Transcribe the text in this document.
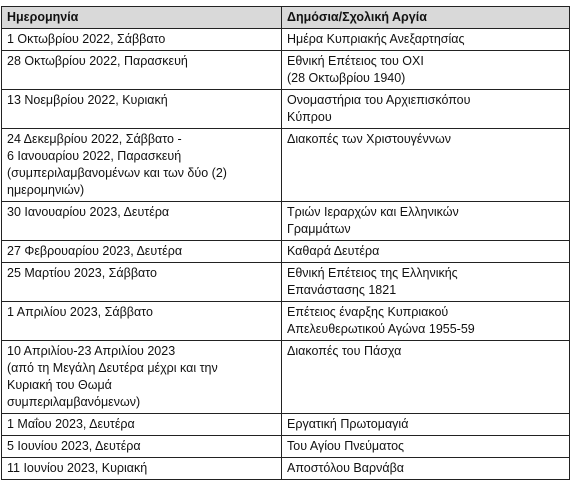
Ημερομηνία	Δημόσια/Σχολική Αργία
1 Οκτωβρίου 2022, Σάββατο	Ημέρα Κυπριακής Ανεξαρτησίας
28 Οκτωβρίου 2022, Παρασκευή	Εθνική Επέτειος του ΟΧΙ
(28 Οκτωβρίου 1940)
13 Νοεμβρίου 2022, Κυριακή	Ονομαστήρια του Αρχιεπισκόπου
Κύπρου
24 Δεκεμβρίου 2022, Σάββατο -
6 Ιανουαρίου 2022, Παρασκευή
(συμπεριλαμβανομένων και των δύο (2)
ημερομηνιών)	Διακοπές των Χριστουγέννων
30 Ιανουαρίου 2023, Δευτέρα	Τριών Ιεραρχών και Ελληνικών
Γραμμάτων
27 Φεβρουαρίου 2023, Δευτέρα	Καθαρά Δευτέρα
25 Μαρτίου 2023, Σάββατο	Εθνική Επέτειος της Ελληνικής
Επανάστασης 1821
1 Απριλίου 2023, Σάββατο	Επέτειος έναρξης Κυπριακού
Απελευθερωτικού Αγώνα 1955-59
10 Απριλίου-23 Απριλίου 2023
(από τη Μεγάλη Δευτέρα μέχρι και την
Κυριακή του Θωμά
συμπεριλαμβανόμενων)	Διακοπές του Πάσχα
1 Μαΐου 2023, Δευτέρα	Εργατική Πρωτομαγιά
5 Ιουνίου 2023, Δευτέρα	Του Αγίου Πνεύματος
11 Ιουνίου 2023, Κυριακή	Αποστόλου Βαρνάβα
